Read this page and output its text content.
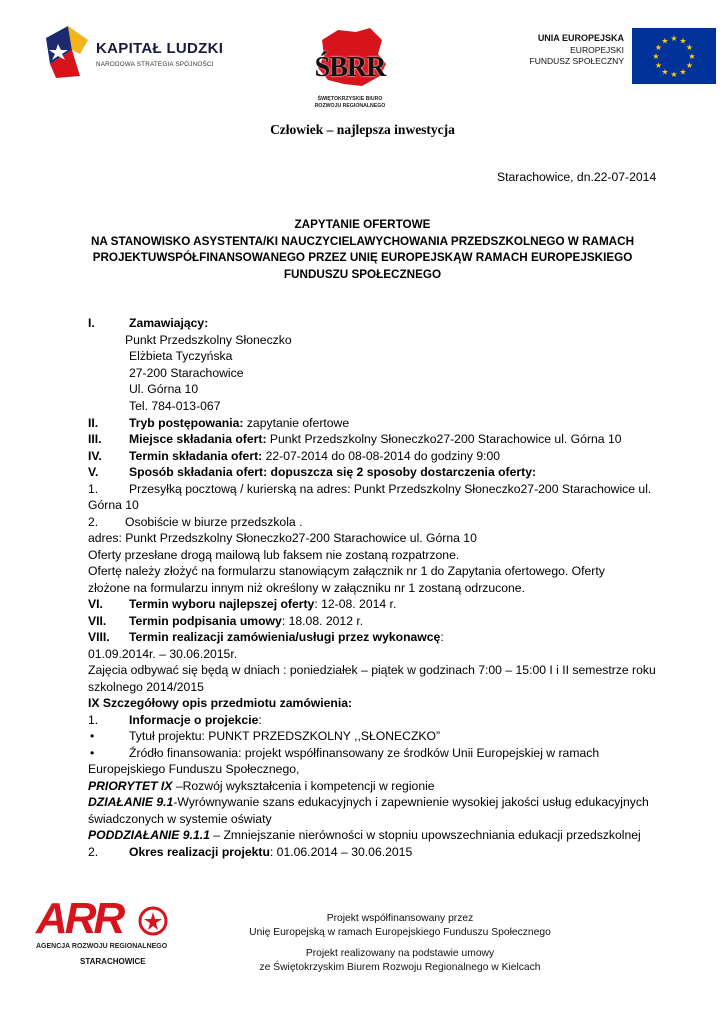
KAPITAŁ LUDZKI
NARODOWA STRATEGIA SPÓJNOŚCI	ŚBRR
ŚWIĘTOKRZYSKIE BIURO
ROZWOJU REGIONALNEGO
UNIA EUROPEJSKA
EUROPEJSKI
FUNDUSZ SPOŁECZNY
★ ★
★
★
★
★
★
★
★
★
★
★
Człowiek – najlepsza inwestycja
Starachowice, dn.22-07-2014
ZAPYTANIE OFERTOWE
NA STANOWISKO ASYSTENTA/KI NAUCZYCIELAWYCHOWANIA PRZEDSZKOLNEGO W RAMACH
PROJEKTUWSPÓŁFINANSOWANEGO PRZEZ UNIĘ EUROPEJSKĄW RAMACH EUROPEJSKIEGO
FUNDUSZU SPOŁECZNEGO
I.	Zamawiający:
Punkt Przedszkolny Słoneczko
Elżbieta Tyczyńska
27-200 Starachowice
Ul. Górna 10
Tel. 784-013-067
II.	Tryb postępowania: zapytanie ofertowe
III. Miejsce składania ofert: Punkt Przedszkolny Słoneczko27-200 Starachowice ul. Górna 10
IV. Termin składania ofert: 22-07-2014 do 08-08-2014 do godziny 9:00
V.	Sposób składania ofert: dopuszcza się 2 sposoby dostarczenia oferty:
1.	Przesyłką pocztową / kurierską na adres: Punkt Przedszkolny Słoneczko27-200 Starachowice ul.
Górna 10
2. Osobiście w biurze przedszkola .
adres: Punkt Przedszkolny Słoneczko27-200 Starachowice ul. Górna 10
Oferty przesłane drogą mailową lub faksem nie zostaną rozpatrzone.
Ofertę należy złożyć na formularzu stanowiącym załącznik nr 1 do Zapytania ofertowego. Oferty
złożone na formularzu innym niż określony w załączniku nr 1 zostaną odrzucone.
VI. Termin wyboru najlepszej oferty: 12-08. 2014 r.
VII. Termin podpisania umowy: 18.08. 2012 r.
VIII. Termin realizacji zamówienia/usługi przez wykonawcę:
01.09.2014r. – 30.06.2015r.
Zajęcia odbywać się będą w dniach : poniedziałek – piątek w godzinach 7:00 – 15:00 I i II semestrze roku
szkolnego 2014/2015
IX Szczegółowy opis przedmiotu zamówienia:
1.	Informacje o projekcie:
•	Tytuł projektu: PUNKT PRZEDSZKOLNY ,,SŁONECZKO”
•	Źródło finansowania: projekt współfinansowany ze środków Unii Europejskiej w ramach
Europejskiego Funduszu Społecznego,
PRIORYTET IX –Rozwój wykształcenia i kompetencji w regionie
DZIAŁANIE 9.1-Wyrównywanie szans edukacyjnych i zapewnienie wysokiej jakości usług edukacyjnych
świadczonych w systemie oświaty
PODDZIAŁANIE 9.1.1 – Zmniejszanie nierówności w stopniu upowszechniania edukacji przedszkolnej
2.	Okres realizacji projektu: 01.06.2014 – 30.06.2015
ARR
AGENCJA ROZWOJU REGIONALNEGO
STARACHOWICE
Projekt współfinansowany przez
Unię Europejską w ramach Europejskiego Funduszu Społecznego
Projekt realizowany na podstawie umowy
ze Świętokrzyskim Biurem Rozwoju Regionalnego w Kielcach
